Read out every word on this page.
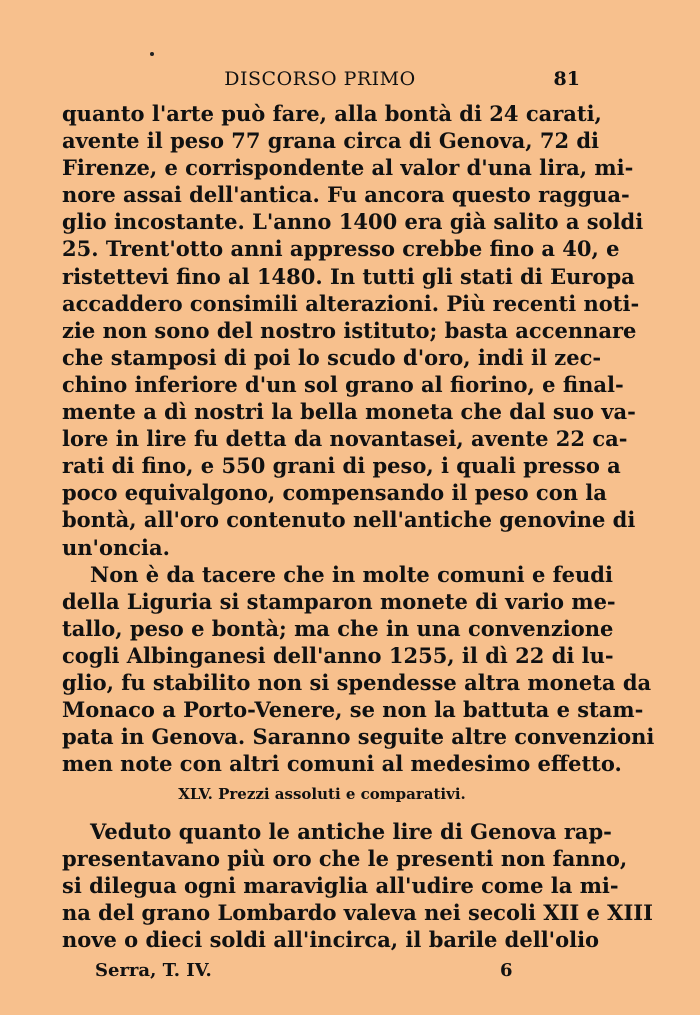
DISCORSO PRIMO	81
quanto l'arte può fare, alla bontà di 24 carati,
avente il peso 77 grana circa di Genova, 72 di
Firenze, e corrispondente al valor d'una lira, mi-
nore assai dell'antica. Fu ancora questo raggua-
glio incostante. L'anno 1400 era già salito a soldi
25. Trent'otto anni appresso crebbe fino a 40, e
ristettevi fino al 1480. In tutti gli stati di Europa
accaddero consimili alterazioni. Più recenti noti-
zie non sono del nostro istituto; basta accennare
che stamposi di poi lo scudo d'oro, indi il zec-
chino inferiore d'un sol grano al fiorino, e final-
mente a dì nostri la bella moneta che dal suo va-
lore in lire fu detta da novantasei, avente 22 ca-
rati di fino, e 550 grani di peso, i quali presso a
poco equivalgono, compensando il peso con la
bontà, all'oro contenuto nell'antiche genovine di
un'oncia.
Non è da tacere che in molte comuni e feudi
della Liguria si stamparon monete di vario me-
tallo, peso e bontà; ma che in una convenzione
cogli Albinganesi dell'anno 1255, il dì 22 di lu-
glio, fu stabilito non si spendesse altra moneta da
Monaco a Porto-Venere, se non la battuta e stam-
pata in Genova. Saranno seguite altre convenzioni
men note con altri comuni al medesimo effetto.
XLV. Prezzi assoluti e comparativi.
Veduto quanto le antiche lire di Genova rap-
presentavano più oro che le presenti non fanno,
si dilegua ogni maraviglia all'udire come la mi-
na del grano Lombardo valeva nei secoli XII e XIII
nove o dieci soldi all'incirca, il barile dell'olio
Serra, T. IV.	6
